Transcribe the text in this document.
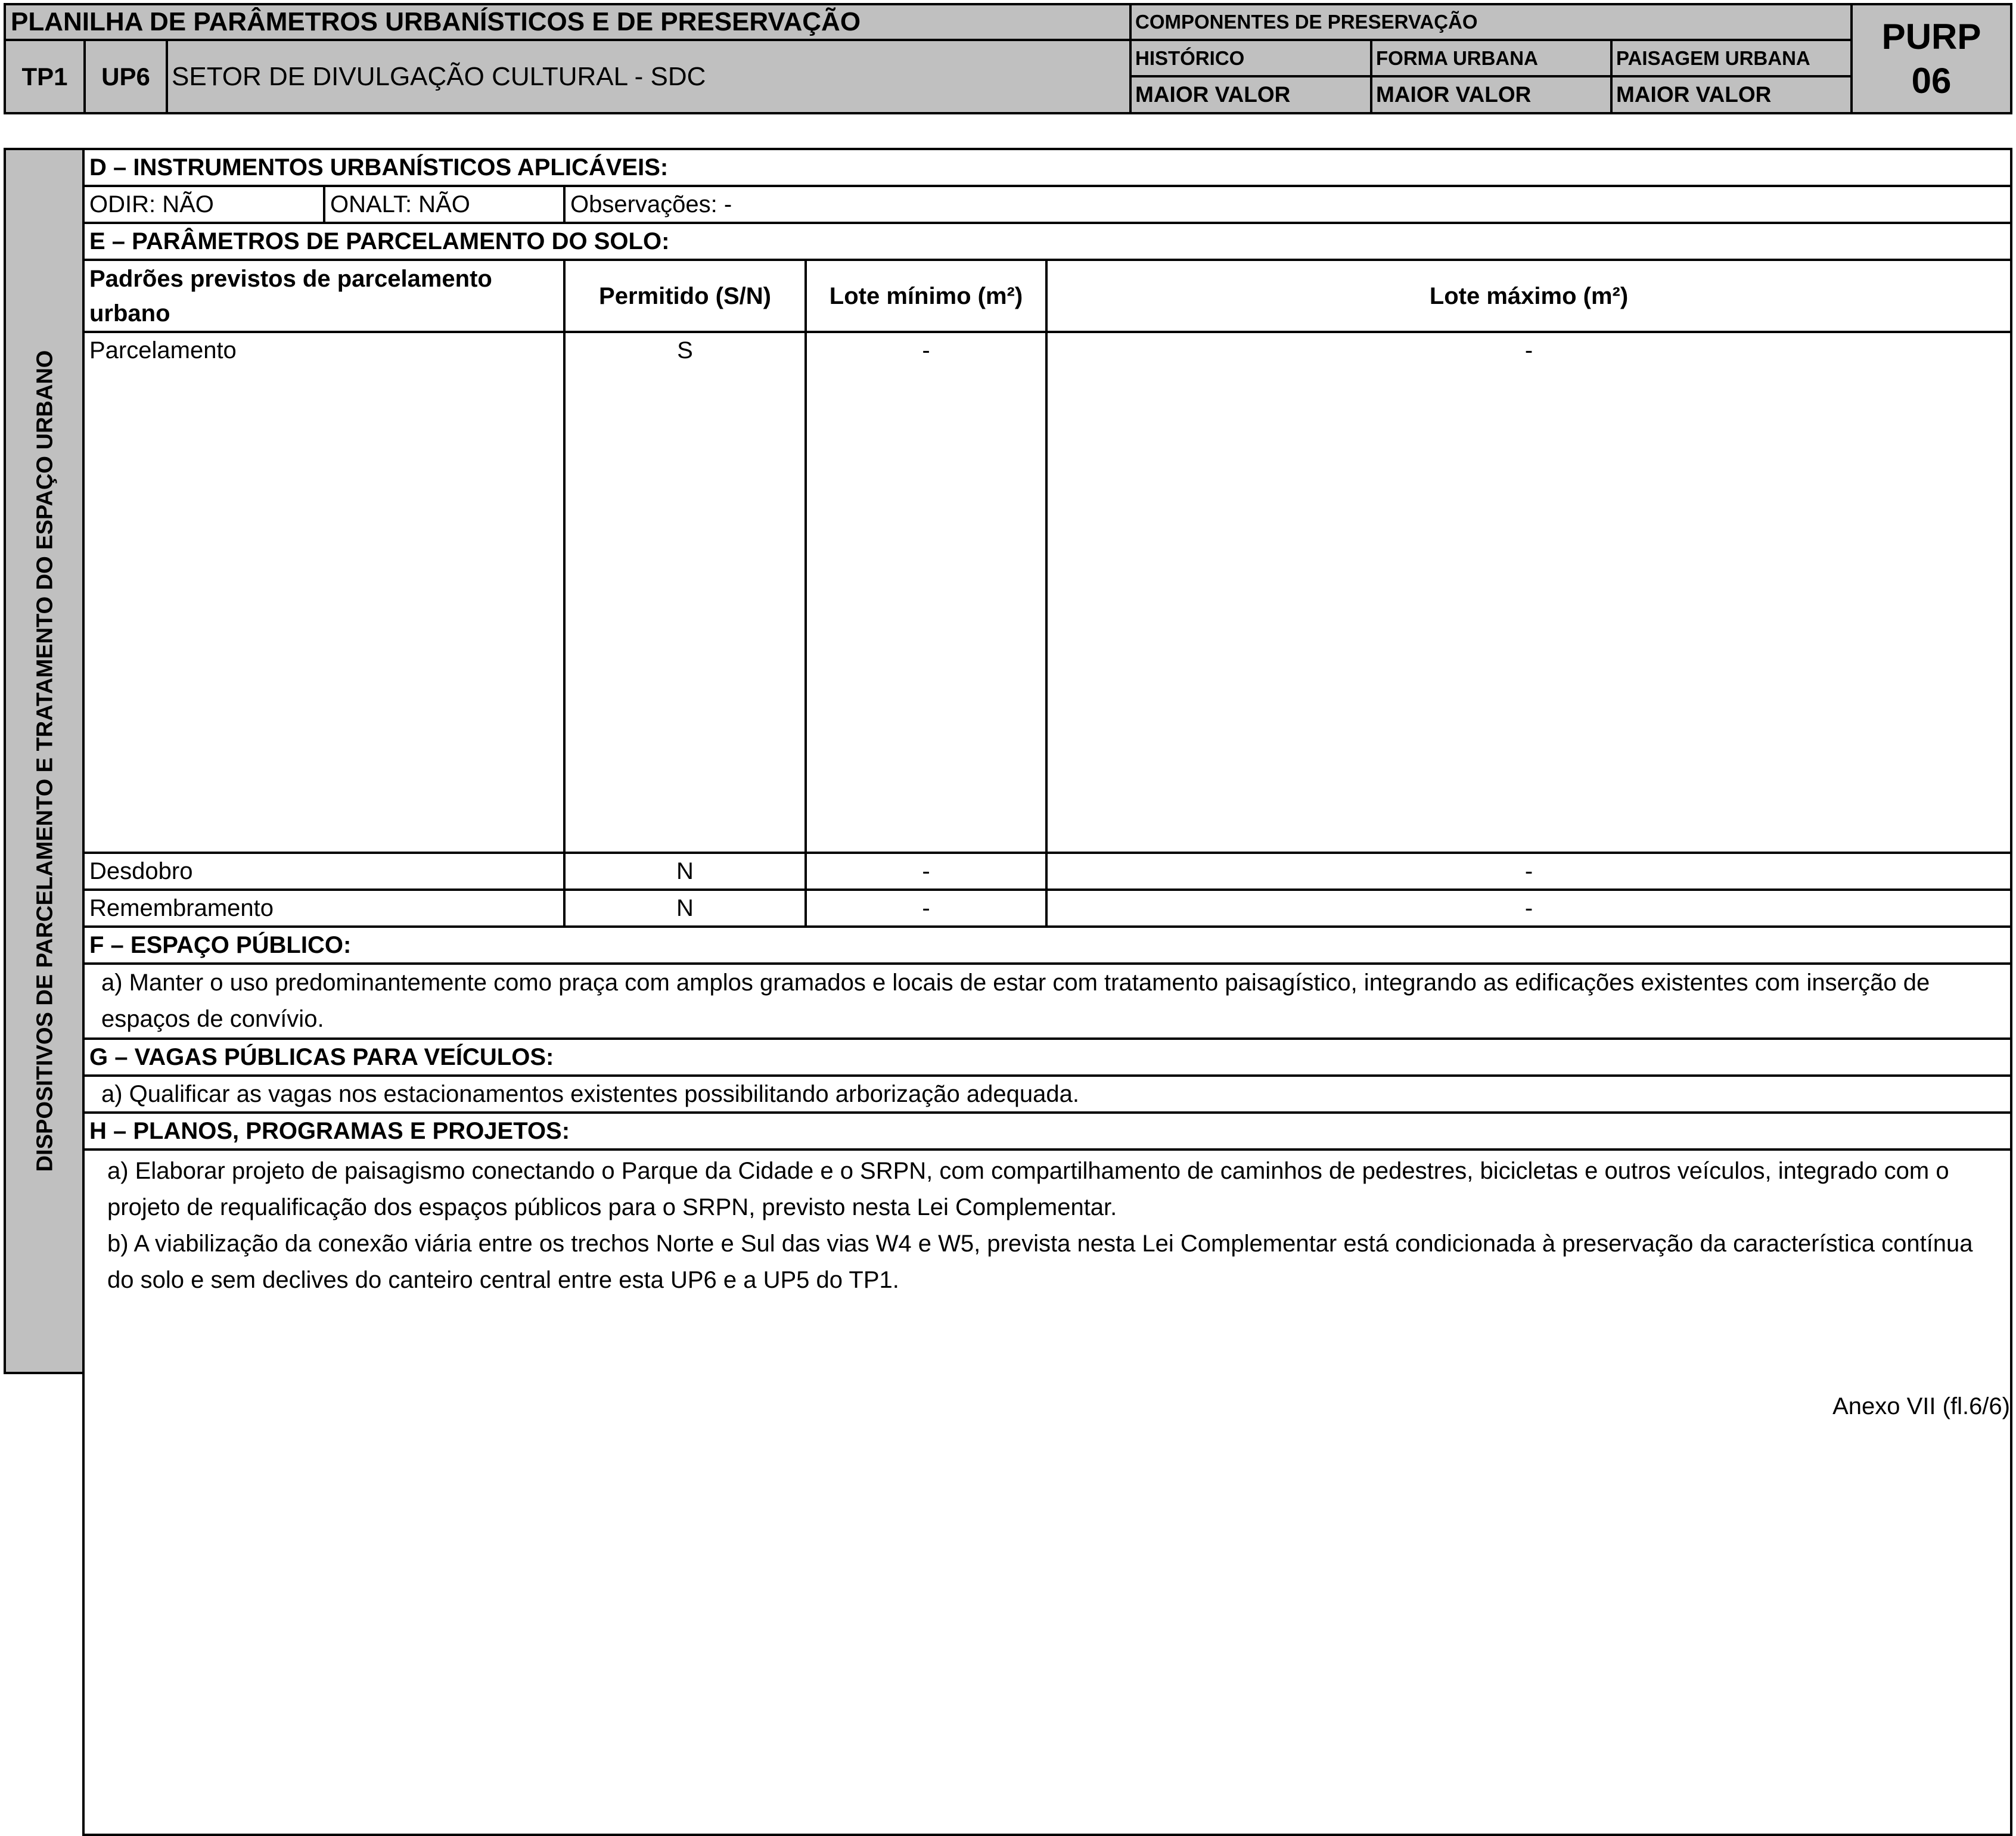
PLANILHA DE PARÂMETROS URBANÍSTICOS E DE PRESERVAÇÃO			COMPONENTES DE PRESERVAÇÃO			PURP
06

TP1	UP6	SETOR DE DIVULGAÇÃO CULTURAL - SDC	HISTÓRICO	FORMA URBANA	PAISAGEM URBANA	
			MAIOR VALOR	MAIOR VALOR	MAIOR VALOR	
DISPOSITIVOS DE PARCELAMENTO E TRATAMENTO DO ESPAÇO URBANO
D – INSTRUMENTOS URBANÍSTICOS APLICÁVEIS:					
ODIR: NÃO	ONALT: NÃO	Observações: -			
E – PARÂMETROS DE PARCELAMENTO DO SOLO:					
Padrões previstos de parcelamento urbano		Permitido (S/N)	Lote mínimo (m²)	Lote máximo (m²)	
Parcelamento		S	-	-	
Desdobro		N	-	-	
Remembramento		N	-	-	
F – ESPAÇO PÚBLICO:					

a) Manter o uso predominantemente como praça com amplos gramados e locais de estar com tratamento paisagístico, integrando as edificações existentes com inserção de espaços de convívio.					

G – VAGAS PÚBLICAS PARA VEÍCULOS:					

a) Qualificar as vagas nos estacionamentos existentes possibilitando arborização adequada.					

H – PLANOS, PROGRAMAS E PROJETOS:					

a) Elaborar projeto de paisagismo conectando o Parque da Cidade e o SRPN, com compartilhamento de caminhos de pedestres, bicicletas e outros veículos, integrado com o projeto de requalificação dos espaços públicos para o SRPN, previsto nesta Lei Complementar.

b) A viabilização da conexão viária entre os trechos Norte e Sul das vias W4 e W5, prevista nesta Lei Complementar está condicionada à preservação da característica contínua do solo e sem declives do canteiro central entre esta UP6 e a UP5 do TP1.					

Anexo VII (fl.6/6)
